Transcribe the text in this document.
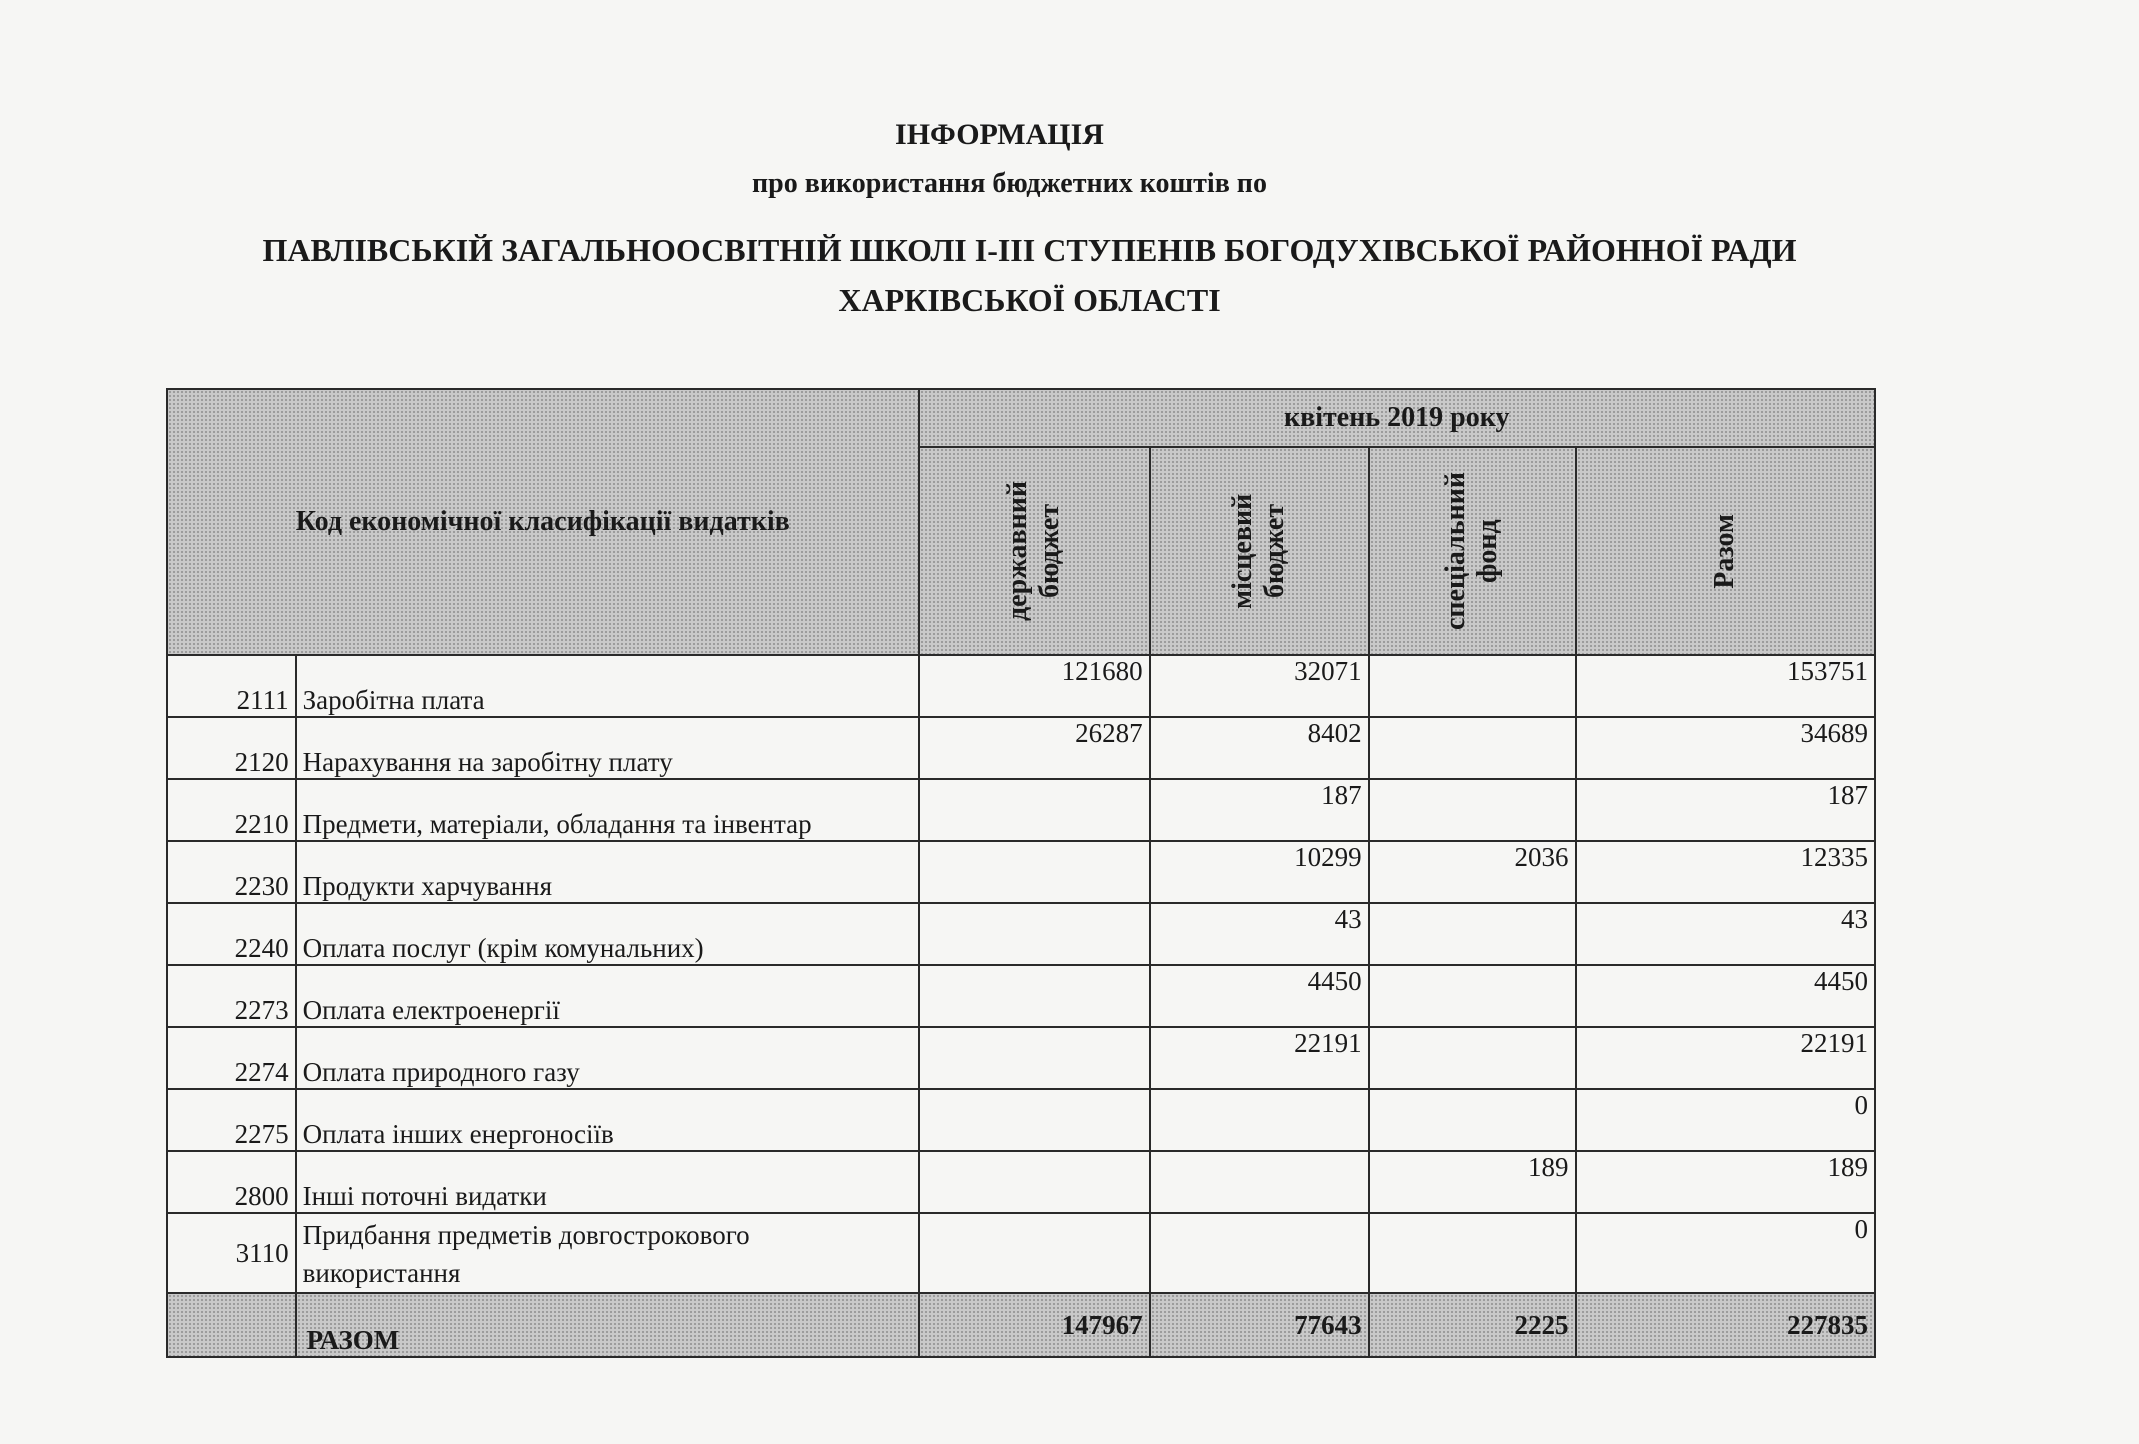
ІНФОРМАЦІЯ
про використання бюджетних коштів по
ПАВЛІВСЬКІЙ ЗАГАЛЬНООСВІТНІЙ ШКОЛІ І-ІІІ СТУПЕНІВ БОГОДУХІВСЬКОЇ РАЙОННОЇ РАДИ
ХАРКІВСЬКОЇ ОБЛАСТІ
Код економічної класифікації видатків		квітень 2019 року			

		державний бюджет	місцевий бюджет	спеціальний фонд	Разом

2111	Заробітна плата	121680	32071		153751
2120	Нарахування на заробітну плату	26287	8402		34689
2210	Предмети, матеріали, обладання та інвентар		187		187
2230	Продукти харчування		10299	2036	12335
2240	Оплата послуг (крім комунальних)		43		43
2273	Оплата електроенергії		4450		4450
2274	Оплата природного газу		22191		22191
2275	Оплата інших енергоносіїв				0
2800	Інші поточні видатки			189	189
3110	Придбання предметів довгострокового використання				0
	РАЗОМ	147967	77643	2225	227835
